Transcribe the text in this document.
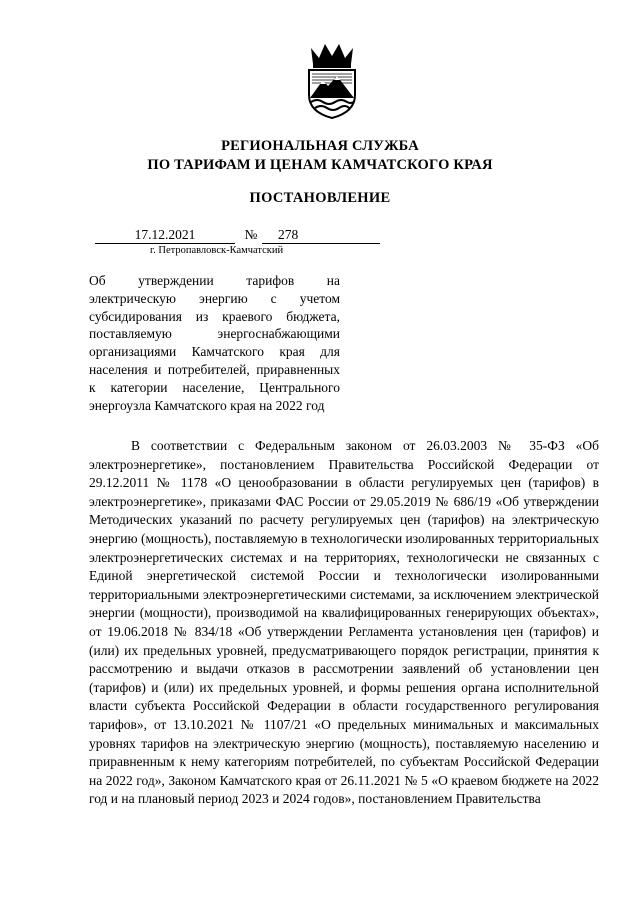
РЕГИОНАЛЬНАЯ СЛУЖБА
ПО ТАРИФАМ И ЦЕНАМ КАМЧАТСКОГО КРАЯ
ПОСТАНОВЛЕНИЕ
17.12.2021	№	278
г. Петропавловск-Камчатский
Об утверждении тарифов на электрическую энергию с учетом субсидирования из краевого бюджета, поставляемую энергоснабжающими организациями Камчатского края для населения и потребителей, приравненных к категории население, Центрального энергоузла Камчатского края на 2022 год

В соответствии с Федеральным законом от 26.03.2003 № 35-ФЗ «Об электроэнергетике», постановлением Правительства Российской Федерации от 29.12.2011 № 1178 «О ценообразовании в области регулируемых цен (тарифов) в электроэнергетике», приказами ФАС России от 29.05.2019 № 686/19 «Об утверждении Методических указаний по расчету регулируемых цен (тарифов) на электрическую энергию (мощность), поставляемую в технологически изолированных территориальных электроэнергетических системах и на территориях, технологически не связанных с Единой энергетической системой России и технологически изолированными территориальными электроэнергетическими системами, за исключением электрической энергии (мощности), производимой на квалифицированных генерирующих объектах», от 19.06.2018 № 834/18 «Об утверждении Регламента установления цен (тарифов) и (или) их предельных уровней, предусматривающего порядок регистрации, принятия к рассмотрению и выдачи отказов в рассмотрении заявлений об установлении цен (тарифов) и (или) их предельных уровней, и формы решения органа исполнительной власти субъекта Российской Федерации в области государственного регулирования тарифов», от 13.10.2021 № 1107/21 «О предельных минимальных и максимальных уровнях тарифов на электрическую энергию (мощность), поставляемую населению и приравненным к нему категориям потребителей, по субъектам Российской Федерации на 2022 год», Законом Камчатского края от 26.11.2021 № 5 «О краевом бюджете на 2022 год и на плановый период 2023 и 2024 годов», постановлением Правительства
